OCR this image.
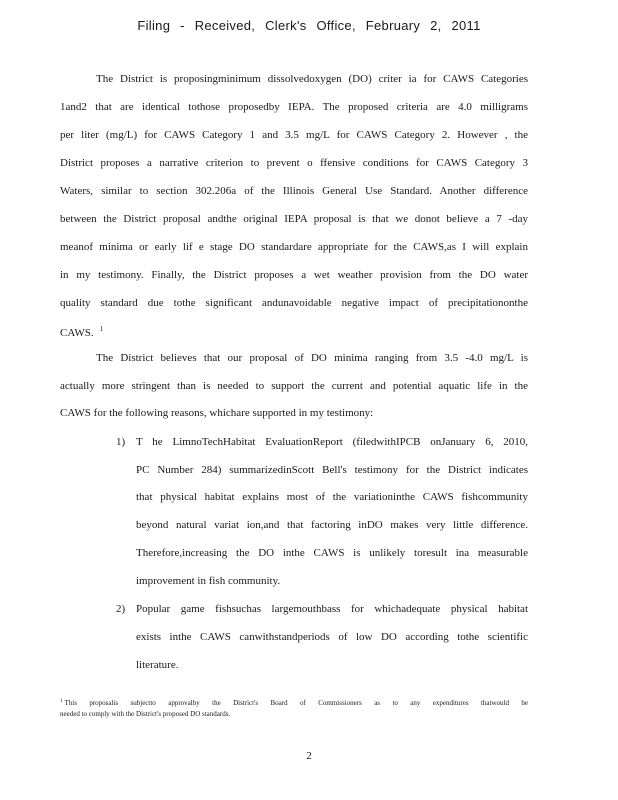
Filing - Received, Clerk's Office, February 2, 2011
The District is proposingminimum dissolvedoxygen (DO) criter ia for CAWS Categories
1and2 that are identical tothose proposedby IEPA. The proposed criteria are 4.0 milligrams
per liter (mg/L) for CAWS Category 1 and 3.5 mg/L for CAWS Category 2. However , the
District proposes a narrative criterion to prevent o ffensive conditions for CAWS Category 3
Waters, similar to section 302.206a of the Illinois General Use Standard. Another difference
between the District proposal andthe original IEPA proposal is that we donot believe a 7 -day
meanof minima or early lif e stage DO standardare appropriate for the CAWS,as I will explain
in my testimony. Finally, the District proposes a wet weather provision from the DO water
quality standard due tothe significant andunavoidable negative impact of precipitationonthe
CAWS. $^1$
The District believes that our proposal of DO minima ranging from 3.5 -4.0 mg/L is
actually more stringent than is needed to support the current and potential aquatic life in the
CAWS for the following reasons, whichare supported in my testimony:
1) T he LimnoTechHabitat EvaluationReport (filedwithIPCB onJanuary 6, 2010,
PC Number 284) summarizedinScott Bell's testimony for the District indicates
that physical habitat explains most of the variationinthe CAWS fishcommunity
beyond natural variat ion,and that factoring inDO makes very little difference.
Therefore,increasing the DO inthe CAWS is unlikely toresult ina measurable
improvement in fish community.
2) Popular game fishsuchas largemouthbass for whichadequate physical habitat
exists inthe CAWS canwithstandperiods of low DO according tothe scientific
literature.
$^1$ This proposalis subjectto approvalby the District's Board of Commissioners as to any expenditures thatwould be
needed to comply with the District's proposed DO standards.
2
